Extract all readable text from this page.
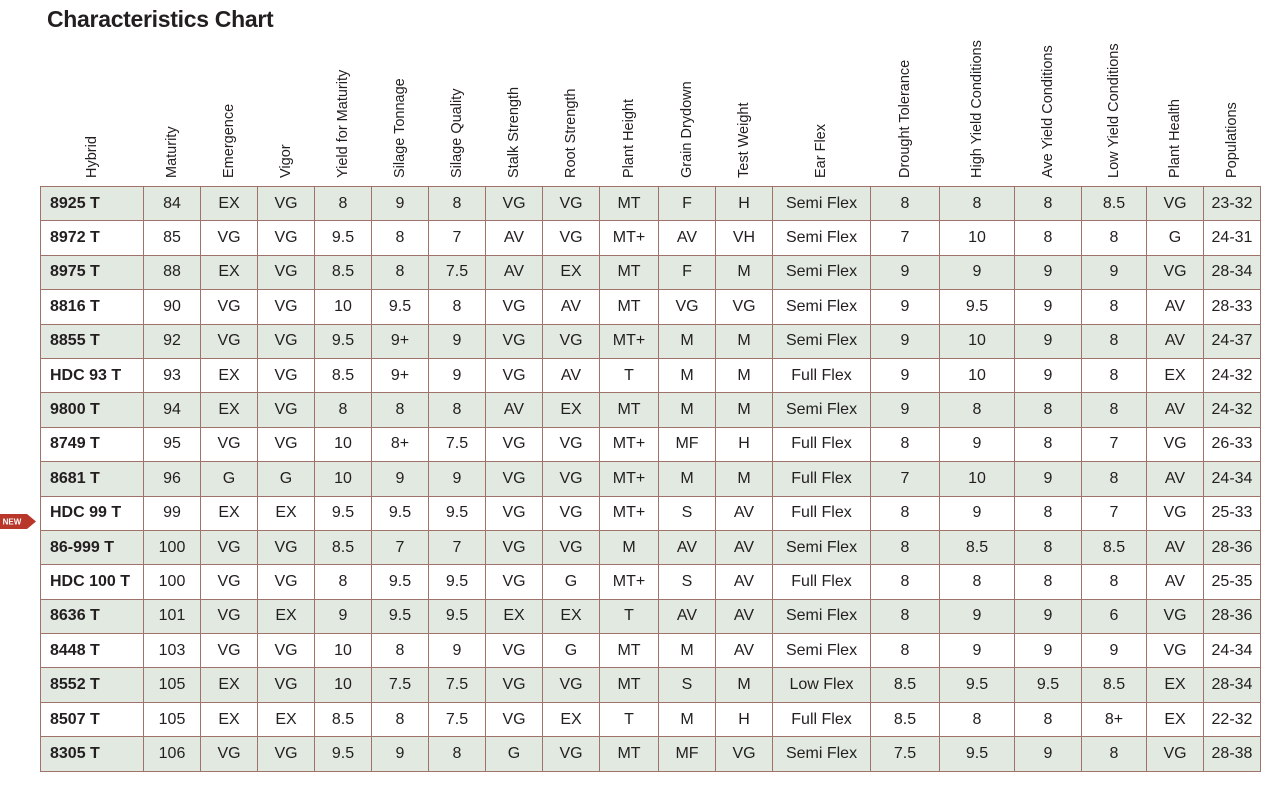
Characteristics Chart
Hybrid	Maturity	Emergence	Vigor	Yield for Maturity	Silage Tonnage	Silage Quality	Stalk Strength	Root Strength	Plant Height	Grain Drydown	Test Weight	Ear Flex	Drought Tolerance	High Yield Conditions	Ave Yield Conditions	Low Yield Conditions	Plant Health	Populations
8925 T	84	EX	VG	8	9	8	VG	VG	MT	F	H	Semi Flex	8	8	8	8.5	VG	23-32
8972 T	85	VG	VG	9.5	8	7	AV	VG	MT+	AV	VH	Semi Flex	7	10	8	8	G	24-31
8975 T	88	EX	VG	8.5	8	7.5	AV	EX	MT	F	M	Semi Flex	9	9	9	9	VG	28-34
8816 T	90	VG	VG	10	9.5	8	VG	AV	MT	VG	VG	Semi Flex	9	9.5	9	8	AV	28-33
8855 T	92	VG	VG	9.5	9+	9	VG	VG	MT+	M	M	Semi Flex	9	10	9	8	AV	24-37
HDC 93 T	93	EX	VG	8.5	9+	9	VG	AV	T	M	M	Full Flex	9	10	9	8	EX	24-32
9800 T	94	EX	VG	8	8	8	AV	EX	MT	M	M	Semi Flex	9	8	8	8	AV	24-32
8749 T	95	VG	VG	10	8+	7.5	VG	VG	MT+	MF	H	Full Flex	8	9	8	7	VG	26-33
8681 T	96	G	G	10	9	9	VG	VG	MT+	M	M	Full Flex	7	10	9	8	AV	24-34
HDC 99 T	99	EX	EX	9.5	9.5	9.5	VG	VG	MT+	S	AV	Full Flex	8	9	8	7	VG	25-33
86-999 T	100	VG	VG	8.5	7	7	VG	VG	M	AV	AV	Semi Flex	8	8.5	8	8.5	AV	28-36
HDC 100 T	100	VG	VG	8	9.5	9.5	VG	G	MT+	S	AV	Full Flex	8	8	8	8	AV	25-35
8636 T	101	VG	EX	9	9.5	9.5	EX	EX	T	AV	AV	Semi Flex	8	9	9	6	VG	28-36
8448 T	103	VG	VG	10	8	9	VG	G	MT	M	AV	Semi Flex	8	9	9	9	VG	24-34
8552 T	105	EX	VG	10	7.5	7.5	VG	VG	MT	S	M	Low Flex	8.5	9.5	9.5	8.5	EX	28-34
8507 T	105	EX	EX	8.5	8	7.5	VG	EX	T	M	H	Full Flex	8.5	8	8	8+	EX	22-32
8305 T	106	VG	VG	9.5	9	8	G	VG	MT	MF	VG	Semi Flex	7.5	9.5	9	8	VG	28-38
NEW
